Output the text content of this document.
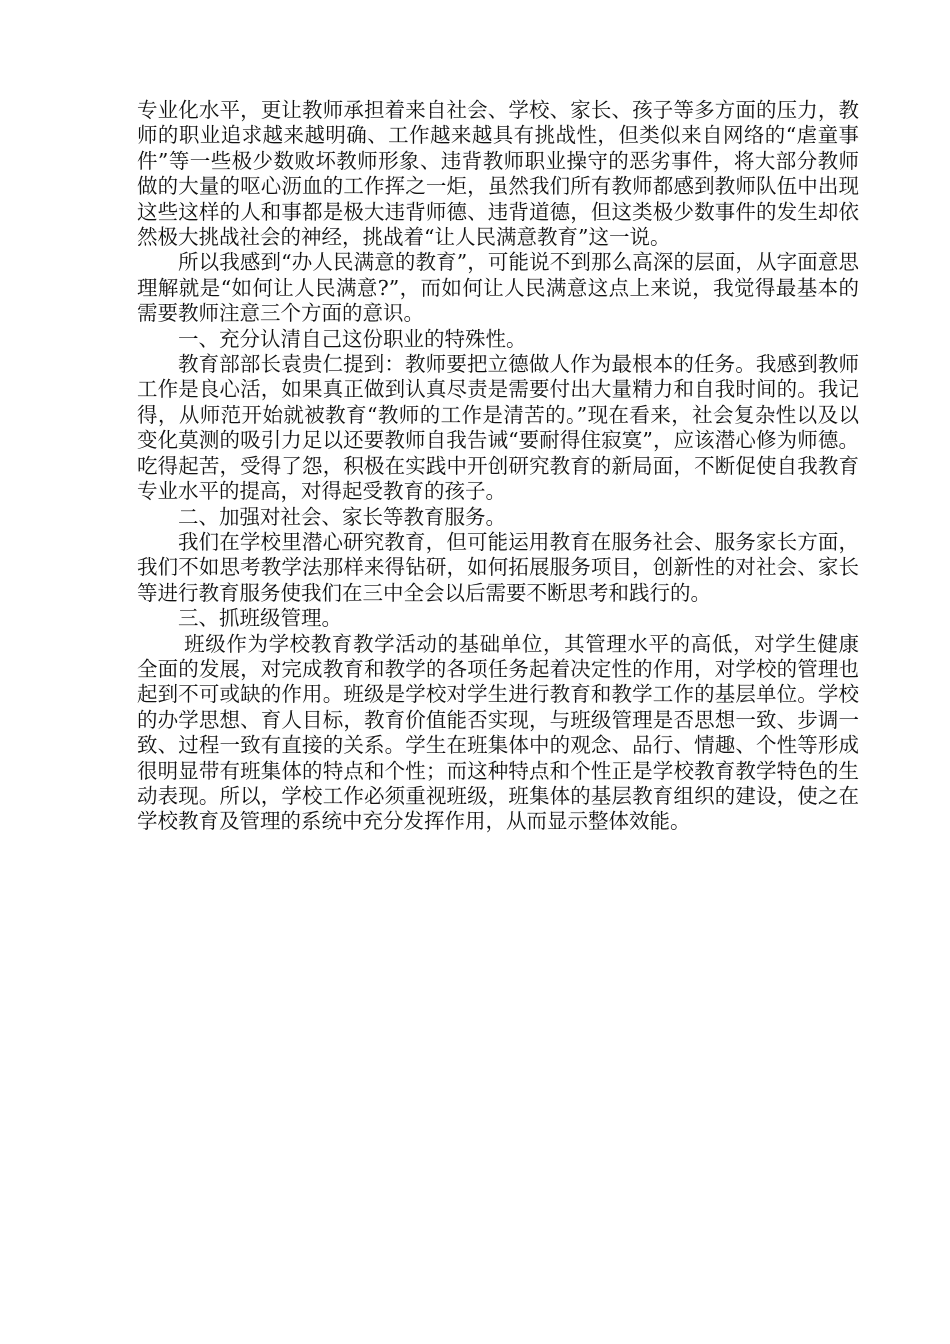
专业化水平，更让教师承担着来自社会、学校、家长、孩子等多方面的压力，教师的职业追求越来越明确、工作越来越具有挑战性，但类似来自网络的“虐童事件”等一些极少数败坏教师形象、违背教师职业操守的恶劣事件，将大部分教师做的大量的呕心沥血的工作挥之一炬，虽然我们所有教师都感到教师队伍中出现这些这样的人和事都是极大违背师德、违背道德，但这类极少数事件的发生却依然极大挑战社会的神经，挑战着“让人民满意教育”这一说。

所以我感到“办人民满意的教育”，可能说不到那么高深的层面，从字面意思理解就是“如何让人民满意?”，而如何让人民满意这点上来说，我觉得最基本的需要教师注意三个方面的意识。

一、充分认清自己这份职业的特殊性。

教育部部长袁贵仁提到：教师要把立德做人作为最根本的任务。我感到教师工作是良心活，如果真正做到认真尽责是需要付出大量精力和自我时间的。我记得，从师范开始就被教育“教师的工作是清苦的。”现在看来，社会复杂性以及以变化莫测的吸引力足以还要教师自我告诫“要耐得住寂寞”，应该潜心修为师德。吃得起苦，受得了怨，积极在实践中开创研究教育的新局面，不断促使自我教育专业水平的提高，对得起受教育的孩子。

二、加强对社会、家长等教育服务。

我们在学校里潜心研究教育，但可能运用教育在服务社会、服务家长方面，我们不如思考教学法那样来得钻研，如何拓展服务项目，创新性的对社会、家长等进行教育服务使我们在三中全会以后需要不断思考和践行的。

三、抓班级管理。

班级作为学校教育教学活动的基础单位，其管理水平的高低，对学生健康全面的发展，对完成教育和教学的各项任务起着决定性的作用，对学校的管理也起到不可或缺的作用。班级是学校对学生进行教育和教学工作的基层单位。学校的办学思想、育人目标，教育价值能否实现，与班级管理是否思想一致、步调一致、过程一致有直接的关系。学生在班集体中的观念、品行、情趣、个性等形成很明显带有班集体的特点和个性；而这种特点和个性正是学校教育教学特色的生动表现。所以，学校工作必须重视班级，班集体的基层教育组织的建设，使之在学校教育及管理的系统中充分发挥作用，从而显示整体效能。
